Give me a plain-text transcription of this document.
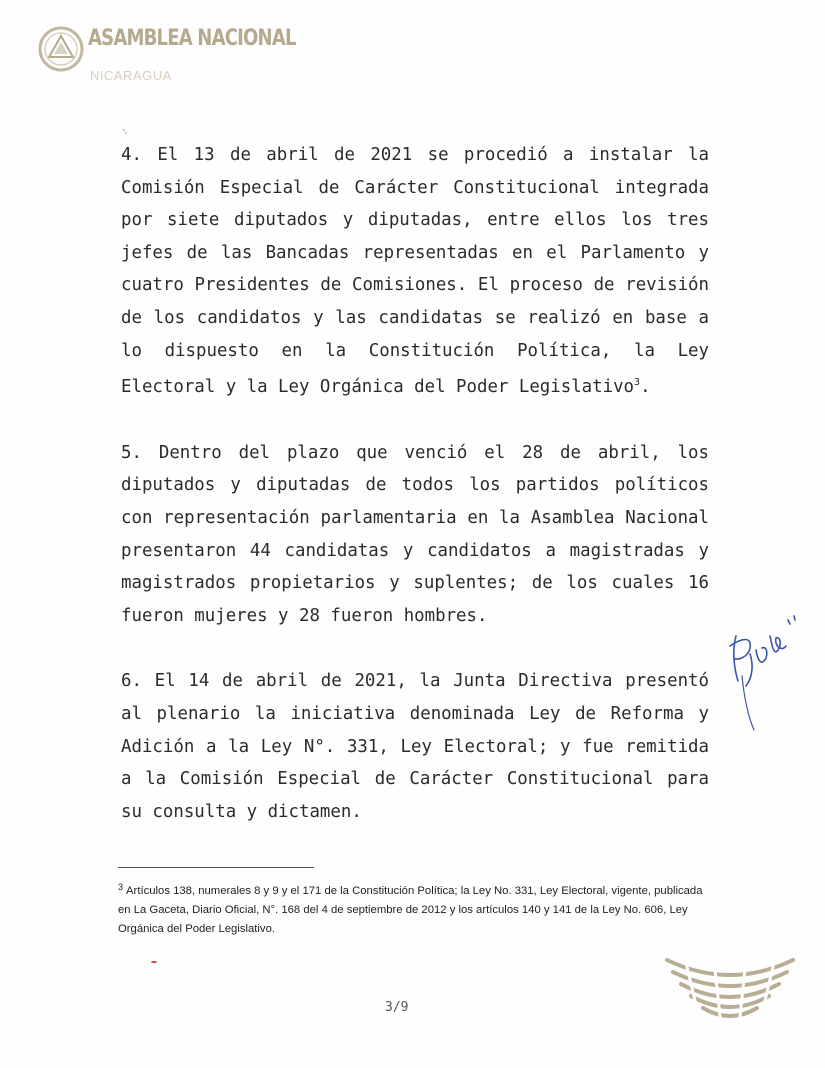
ASAMBLEA NACIONAL
NICARAGUA

4. El 13 de abril de 2021 se procedió a instalar la Comisión Especial de Carácter Constitucional integrada por siete diputados y diputadas, entre ellos los tres jefes de las Bancadas representadas en el Parlamento y cuatro Presidentes de Comisiones. El proceso de revisión de los candidatos y las candidatas se realizó en base a lo dispuesto en la Constitución Política, la Ley Electoral y la Ley Orgánica del Poder Legislativo$^3$.

5. Dentro del plazo que venció el 28 de abril, los diputados y diputadas de todos los partidos políticos con representación parlamentaria en la Asamblea Nacional presentaron 44 candidatas y candidatos a magistradas y magistrados propietarios y suplentes; de los cuales 16 fueron mujeres y 28 fueron hombres.

6. El 14 de abril de 2021, la Junta Directiva presentó al plenario la iniciativa denominada Ley de Reforma y Adición a la Ley N°. 331, Ley Electoral; y fue remitida a la Comisión Especial de Carácter Constitucional para su consulta y dictamen.

$^3$ Artículos 138, numerales 8 y 9 y el 171 de la Constitución Política; la Ley No. 331, Ley Electoral, vigente, publicada en La Gaceta, Diario Oficial, N°. 168 del 4 de septiembre de 2012 y los artículos 140 y 141 de la Ley No. 606, Ley Orgánica del Poder Legislativo.
3/9
